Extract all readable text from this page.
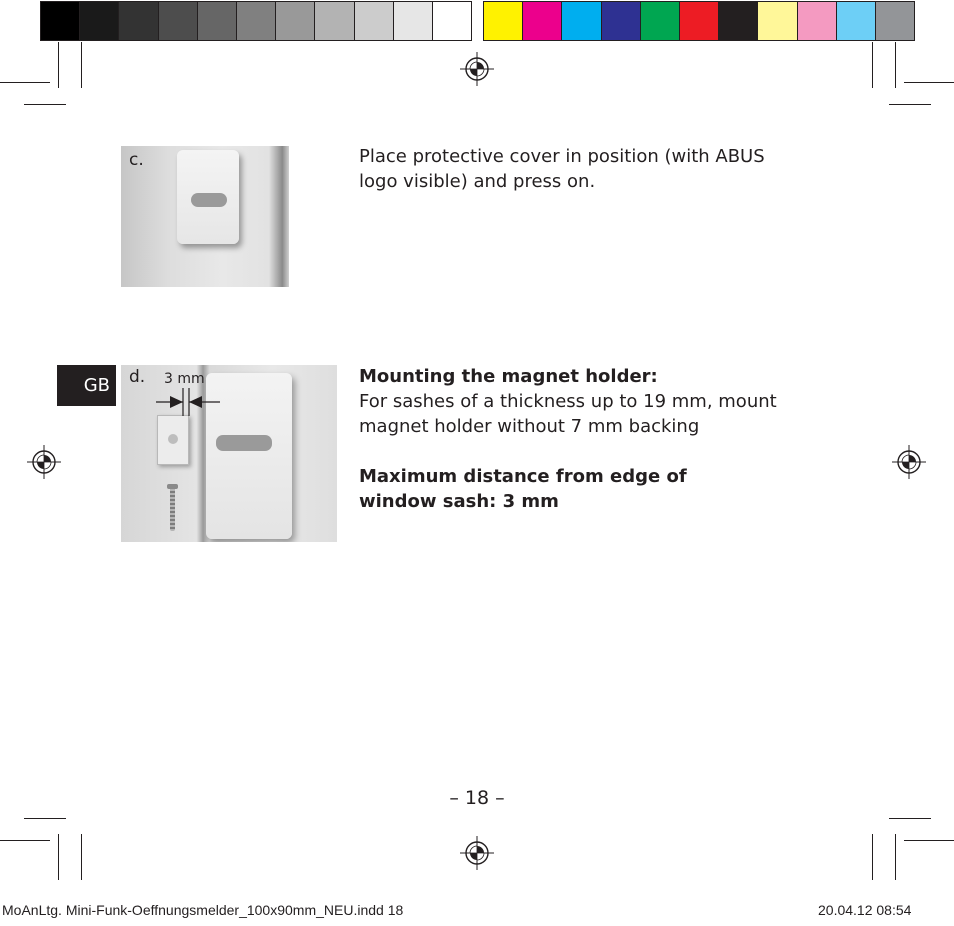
c.	Place protective cover in position (with ABUS logo visible) and press on.
GB	d. 3 mm	Mounting the magnet holder:
For sashes of a thickness up to 19 mm, mount magnet holder without 7 mm backing
Maximum distance from edge of window sash: 3 mm
– 18 –
MoAnLtg. Mini-Funk-Oeffnungsmelder_100x90mm_NEU.indd 18	20.04.12 08:54
